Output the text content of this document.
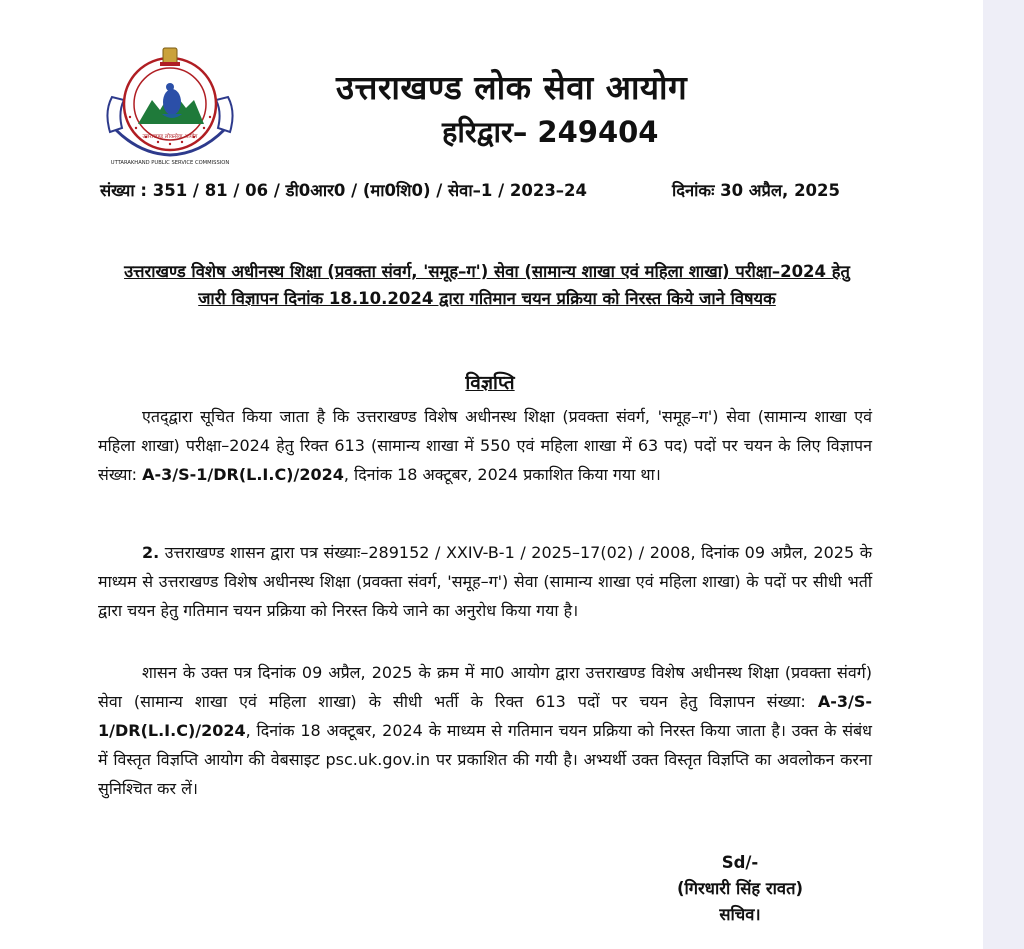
उत्तराखण्ड लोकसेवा आयोग
UTTARAKHAND PUBLIC SERVICE COMMISSION
उत्तराखण्ड लोक सेवा आयोग
हरिद्वार– 249404
संख्या : 351 / 81 / 06 / डी0आर0 / (मा0शि0) / सेवा–1 / 2023–24	दिनांकः 30 अप्रैल, 2025
उत्तराखण्ड विशेष अधीनस्थ शिक्षा (प्रवक्ता संवर्ग, 'समूह–ग') सेवा (सामान्य शाखा एवं महिला शाखा) परीक्षा–2024 हेतु जारी विज्ञापन दिनांक 18.10.2024 द्वारा गतिमान चयन प्रक्रिया को निरस्त किये जाने विषयक
विज्ञप्ति

एतद्‌द्वारा सूचित किया जाता है कि उत्तराखण्ड विशेष अधीनस्थ शिक्षा (प्रवक्ता संवर्ग, 'समूह–ग') सेवा (सामान्य शाखा एवं महिला शाखा) परीक्षा–2024 हेतु रिक्त 613 (सामान्य शाखा में 550 एवं महिला शाखा में 63 पद) पदों पर चयन के लिए विज्ञापन संख्या: A-3/S-1/DR(L.I.C)/2024, दिनांक 18 अक्टूबर, 2024 प्रकाशित किया गया था।

2. उत्तराखण्ड शासन द्वारा पत्र संख्याः–289152 / XXIV-B-1 / 2025–17(02) / 2008, दिनांक 09 अप्रैल, 2025 के माध्यम से उत्तराखण्ड विशेष अधीनस्थ शिक्षा (प्रवक्ता संवर्ग, 'समूह–ग') सेवा (सामान्य शाखा एवं महिला शाखा) के पदों पर सीधी भर्ती द्वारा चयन हेतु गतिमान चयन प्रक्रिया को निरस्त किये जाने का अनुरोध किया गया है।

शासन के उक्त पत्र दिनांक 09 अप्रैल, 2025 के क्रम में मा0 आयोग द्वारा उत्तराखण्ड विशेष अधीनस्थ शिक्षा (प्रवक्ता संवर्ग) सेवा (सामान्य शाखा एवं महिला शाखा) के सीधी भर्ती के रिक्त 613 पदों पर चयन हेतु विज्ञापन संख्या: A-3/S-1/DR(L.I.C)/2024, दिनांक 18 अक्टूबर, 2024 के माध्यम से गतिमान चयन प्रक्रिया को निरस्त किया जाता है। उक्त के संबंध में विस्तृत विज्ञप्ति आयोग की वेबसाइट psc.uk.gov.in पर प्रकाशित की गयी है। अभ्यर्थी उक्त विस्तृत विज्ञप्ति का अवलोकन करना सुनिश्चित कर लें।

Sd/-
(गिरधारी सिंह रावत)
सचिव।
